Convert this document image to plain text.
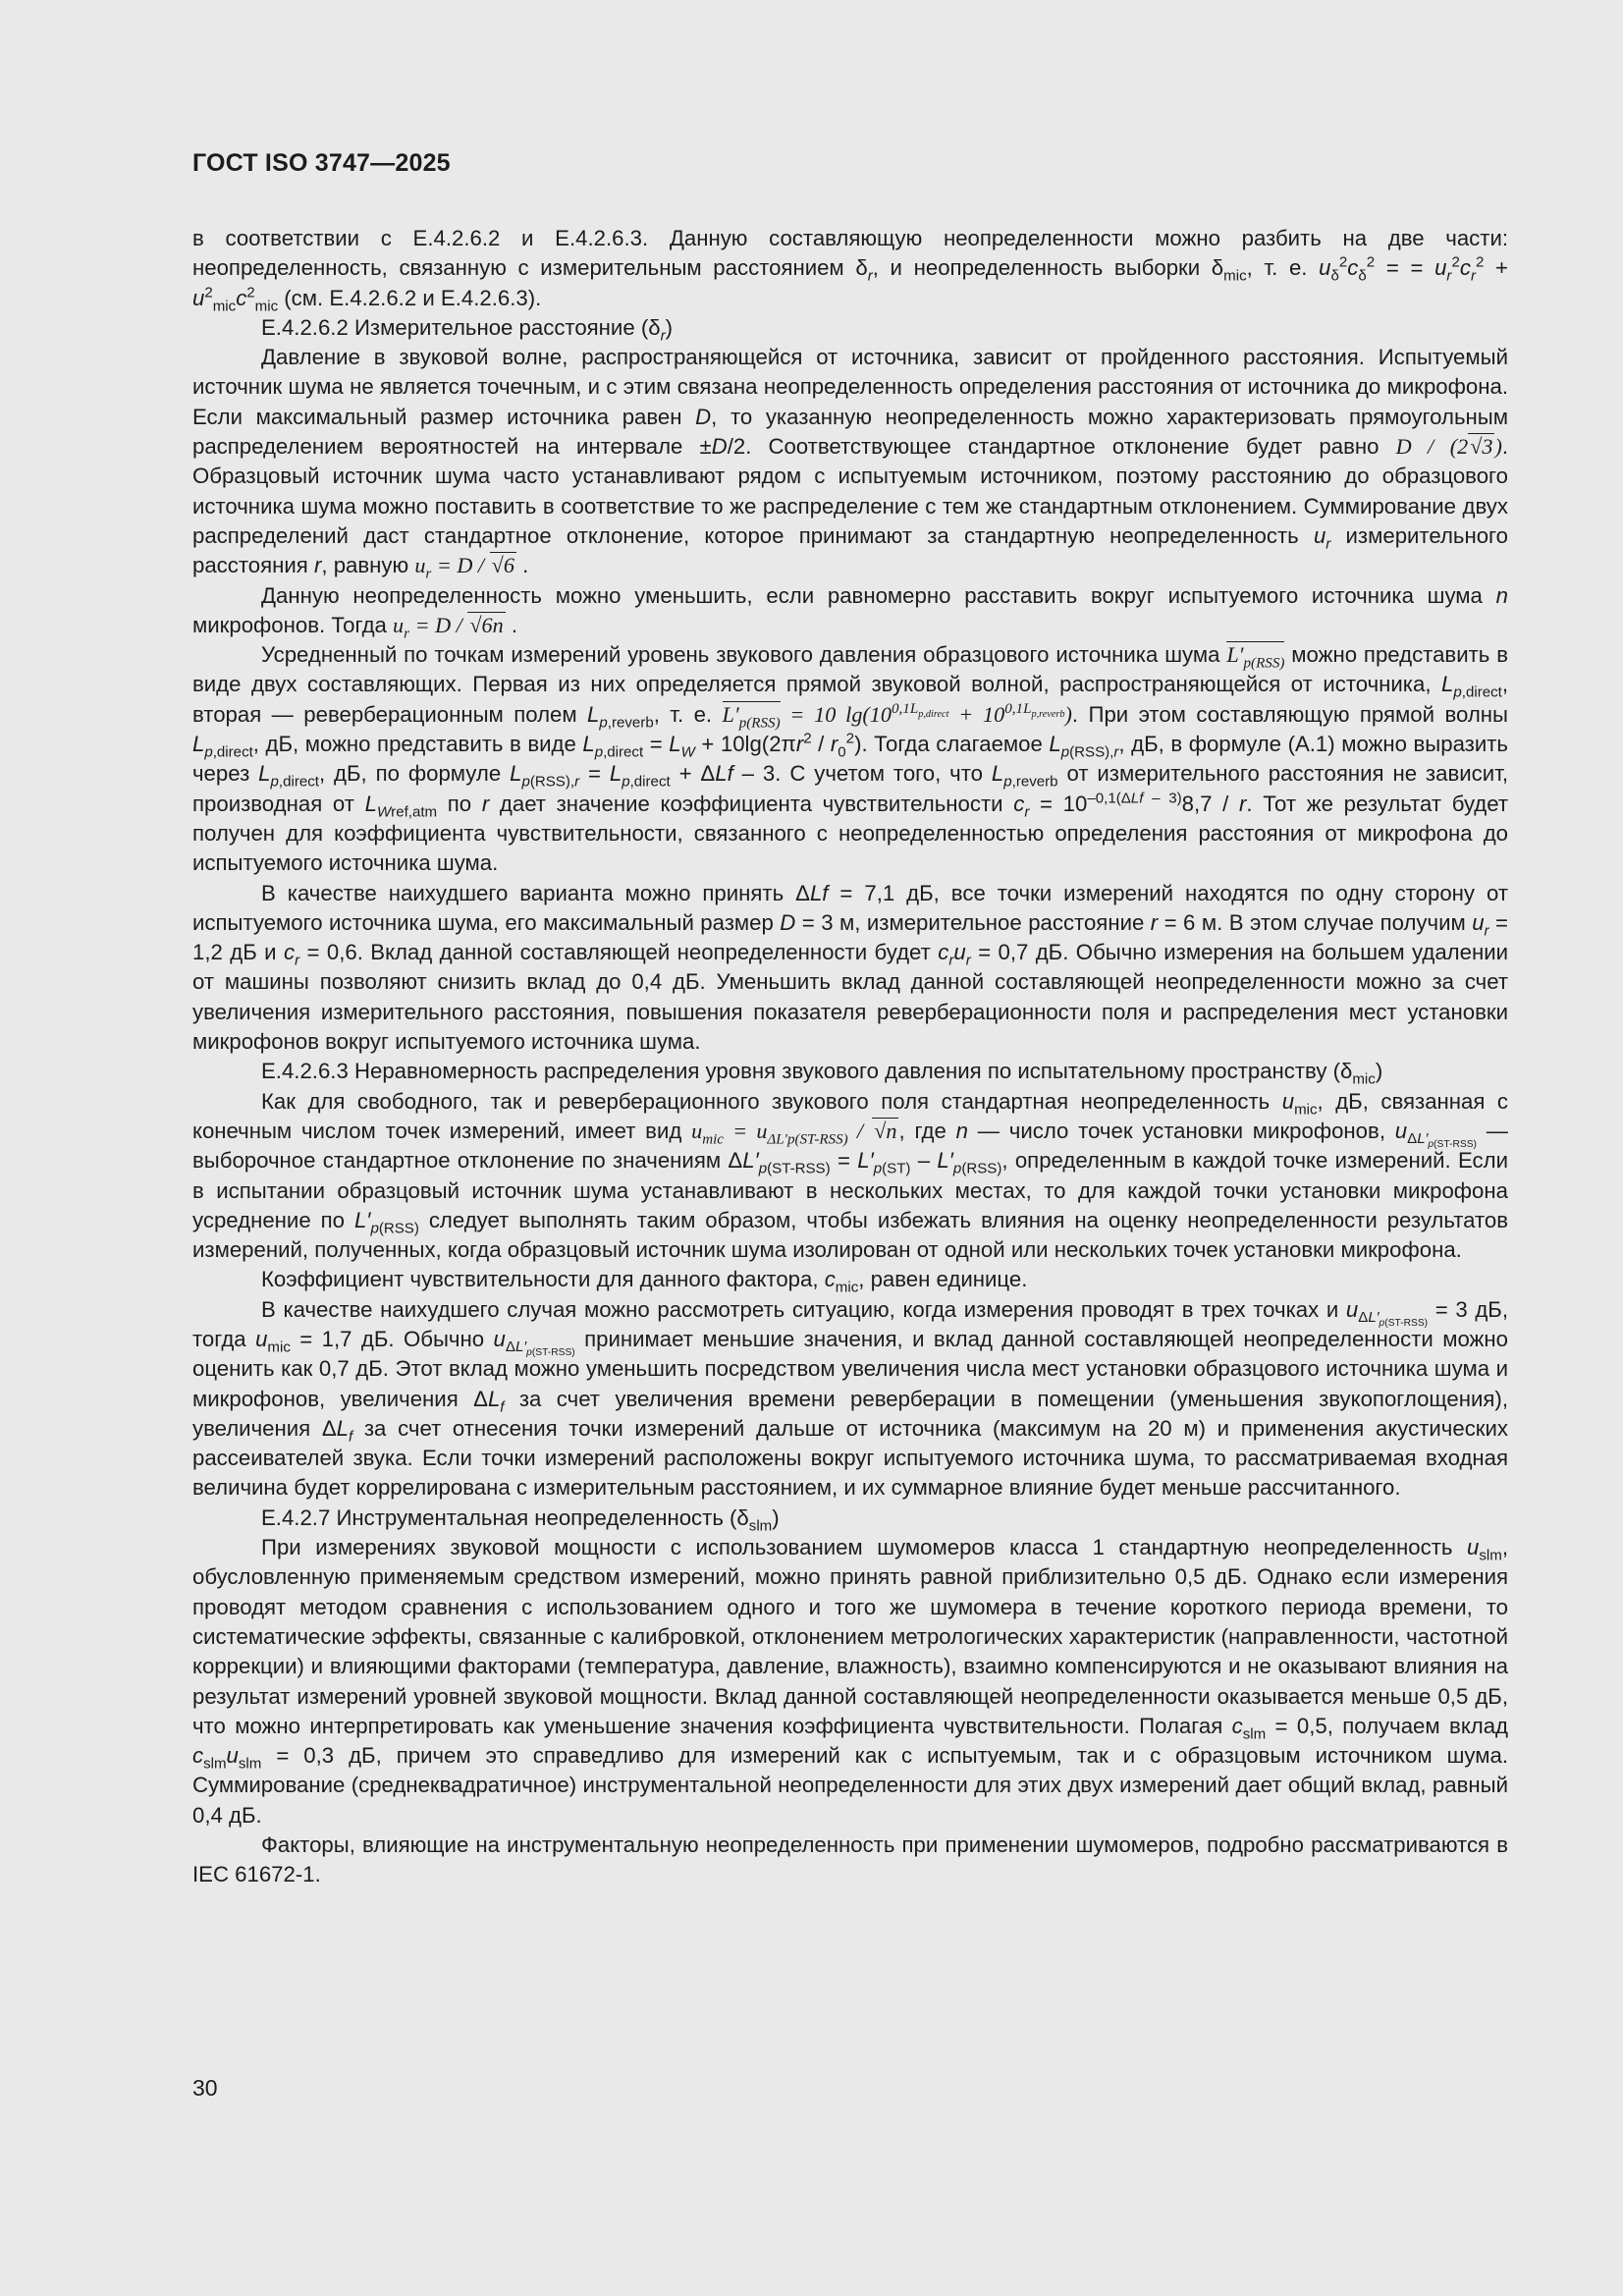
ГОСТ ISO 3747—2025

в соответствии с Е.4.2.6.2 и Е.4.2.6.3. Данную составляющую неопределенности можно разбить на две части: неопределенность, связанную с измерительным расстоянием $\delta_r$, и неопределенность выборки $\delta_{mic}$, т. е. $u_\delta^2c_\delta^2$ = = $u_r^2c_r^2 + u^2_{mic}c^2_{mic}$ (см. Е.4.2.6.2 и Е.4.2.6.3).

Е.4.2.6.2 Измерительное расстояние $(\delta_r)$

Давление в звуковой волне, распространяющейся от источника, зависит от пройденного расстояния. Испытуемый источник шума не является точечным, и с этим связана неопределенность определения расстояния от источника до микрофона. Если максимальный размер источника равен D, то указанную неопределенность можно характеризовать прямоугольным распределением вероятностей на интервале ±D/2. Соответствующее стандартное отклонение будет равно D / (2√3). Образцовый источник шума часто устанавливают рядом с испытуемым источником, поэтому расстоянию до образцового источника шума можно поставить в соответствие то же распределение с тем же стандартным отклонением. Суммирование двух распределений даст стандартное отклонение, которое принимают за стандартную неопределенность $u_r$ измерительного расстояния r, равную $u_r = D / √6$ .

Данную неопределенность можно уменьшить, если равномерно расставить вокруг испытуемого источника шума n микрофонов. Тогда $u_r = D / √6n$ .

Усредненный по точкам измерений уровень звукового давления образцового источника шума $L'_{p(RSS)}$ можно представить в виде двух составляющих. Первая из них определяется прямой звуковой волной, распространяющейся от источника, $L_{p,direct}$, вторая — реверберационным полем $L_{p,reverb}$, т. е. $L'_{p(RSS)} = 10$ $\lg(10^{0,1L_{p,direct}} + 10^{0,1L_{p,reverb}})$. При этом составляющую прямой волны $L_{p,direct}$, дБ, можно представить в виде $L_{p,direct} = L_W + 10\lg(2\pi r^2 / r_0^2)$. Тогда слагаемое $L_{p(RSS),r}$, дБ, в формуле (А.1) можно выразить через $L_{p,direct}$, дБ, по формуле $L_{p(RSS),r} = L_{p,direct} + \Delta Lf - 3$. С учетом того, что $L_{p,reverb}$ от измерительного расстояния не зависит, производная от $L_{Wref,atm}$ по r дает значение коэффициента чувствительности $c_r = 10^{-0,1(\Delta Lf - 3)}8,7 / r$. Тот же результат будет получен для коэффициента чувствительности, связанного с неопределенностью определения расстояния от микрофона до испытуемого источника шума.

В качестве наихудшего варианта можно принять ΔLf = 7,1 дБ, все точки измерений находятся по одну сторону от испытуемого источника шума, его максимальный размер D = 3 м, измерительное расстояние r = 6 м. В этом случае получим $u_r = 1,2$ дБ и $c_r = 0,6$. Вклад данной составляющей неопределенности будет $c_ru_r = 0,7$ дБ. Обычно измерения на большем удалении от машины позволяют снизить вклад до 0,4 дБ. Уменьшить вклад данной составляющей неопределенности можно за счет увеличения измерительного расстояния, повышения показателя реверберационности поля и распределения мест установки микрофонов вокруг испытуемого источника шума.

Е.4.2.6.3 Неравномерность распределения уровня звукового давления по испытательному пространству $(\delta_{mic})$

Как для свободного, так и реверберационного звукового поля стандартная неопределенность $u_{mic}$, дБ, связанная с конечным числом точек измерений, имеет вид $u_{mic} = u_{\Delta L'p(ST-RSS)} / √n$, где n — число точек установки микрофонов, $u_{\Delta L'_{p(ST-RSS)}}$ — выборочное стандартное отклонение по значениям $\Delta L'_{p(ST-RSS)} = L'_{p(ST)} - L'_{p(RSS)}$, определенным в каждой точке измерений. Если в испытании образцовый источник шума устанавливают в нескольких местах, то для каждой точки установки микрофона усреднение по $L'_{p(RSS)}$ следует выполнять таким образом, чтобы избежать влияния на оценку неопределенности результатов измерений, полученных, когда образцовый источник шума изолирован от одной или нескольких точек установки микрофона.

Коэффициент чувствительности для данного фактора, $c_{mic}$, равен единице.

В качестве наихудшего случая можно рассмотреть ситуацию, когда измерения проводят в трех точках и $u_{\Delta L'_{p(ST-RSS)}} = 3$ дБ, тогда $u_{mic} = 1,7$ дБ. Обычно $u_{\Delta L'_{p(ST-RSS)}}$ принимает меньшие значения, и вклад данной составляющей неопределенности можно оценить как 0,7 дБ. Этот вклад можно уменьшить посредством увеличения числа мест установки образцового источника шума и микрофонов, увеличения $\Delta L_f$ за счет увеличения времени реверберации в помещении (уменьшения звукопоглощения), увеличения $\Delta L_f$ за счет отнесения точки измерений дальше от источника (максимум на 20 м) и применения акустических рассеивателей звука. Если точки измерений расположены вокруг испытуемого источника шума, то рассматриваемая входная величина будет коррелирована с измерительным расстоянием, и их суммарное влияние будет меньше рассчитанного.

Е.4.2.7 Инструментальная неопределенность $(\delta_{slm})$

При измерениях звуковой мощности с использованием шумомеров класса 1 стандартную неопределенность $u_{slm}$, обусловленную применяемым средством измерений, можно принять равной приблизительно 0,5 дБ. Однако если измерения проводят методом сравнения с использованием одного и того же шумомера в течение короткого периода времени, то систематические эффекты, связанные с калибровкой, отклонением метрологических характеристик (направленности, частотной коррекции) и влияющими факторами (температура, давление, влажность), взаимно компенсируются и не оказывают влияния на результат измерений уровней звуковой мощности. Вклад данной составляющей неопределенности оказывается меньше 0,5 дБ, что можно интерпретировать как уменьшение значения коэффициента чувствительности. Полагая $c_{slm} = 0,5$, получаем вклад $c_{slm}u_{slm} = 0,3$ дБ, причем это справедливо для измерений как с испытуемым, так и с образцовым источником шума. Суммирование (среднеквадратичное) инструментальной неопределенности для этих двух измерений дает общий вклад, равный 0,4 дБ.

Факторы, влияющие на инструментальную неопределенность при применении шумомеров, подробно рассматриваются в IEC 61672-1.

30
